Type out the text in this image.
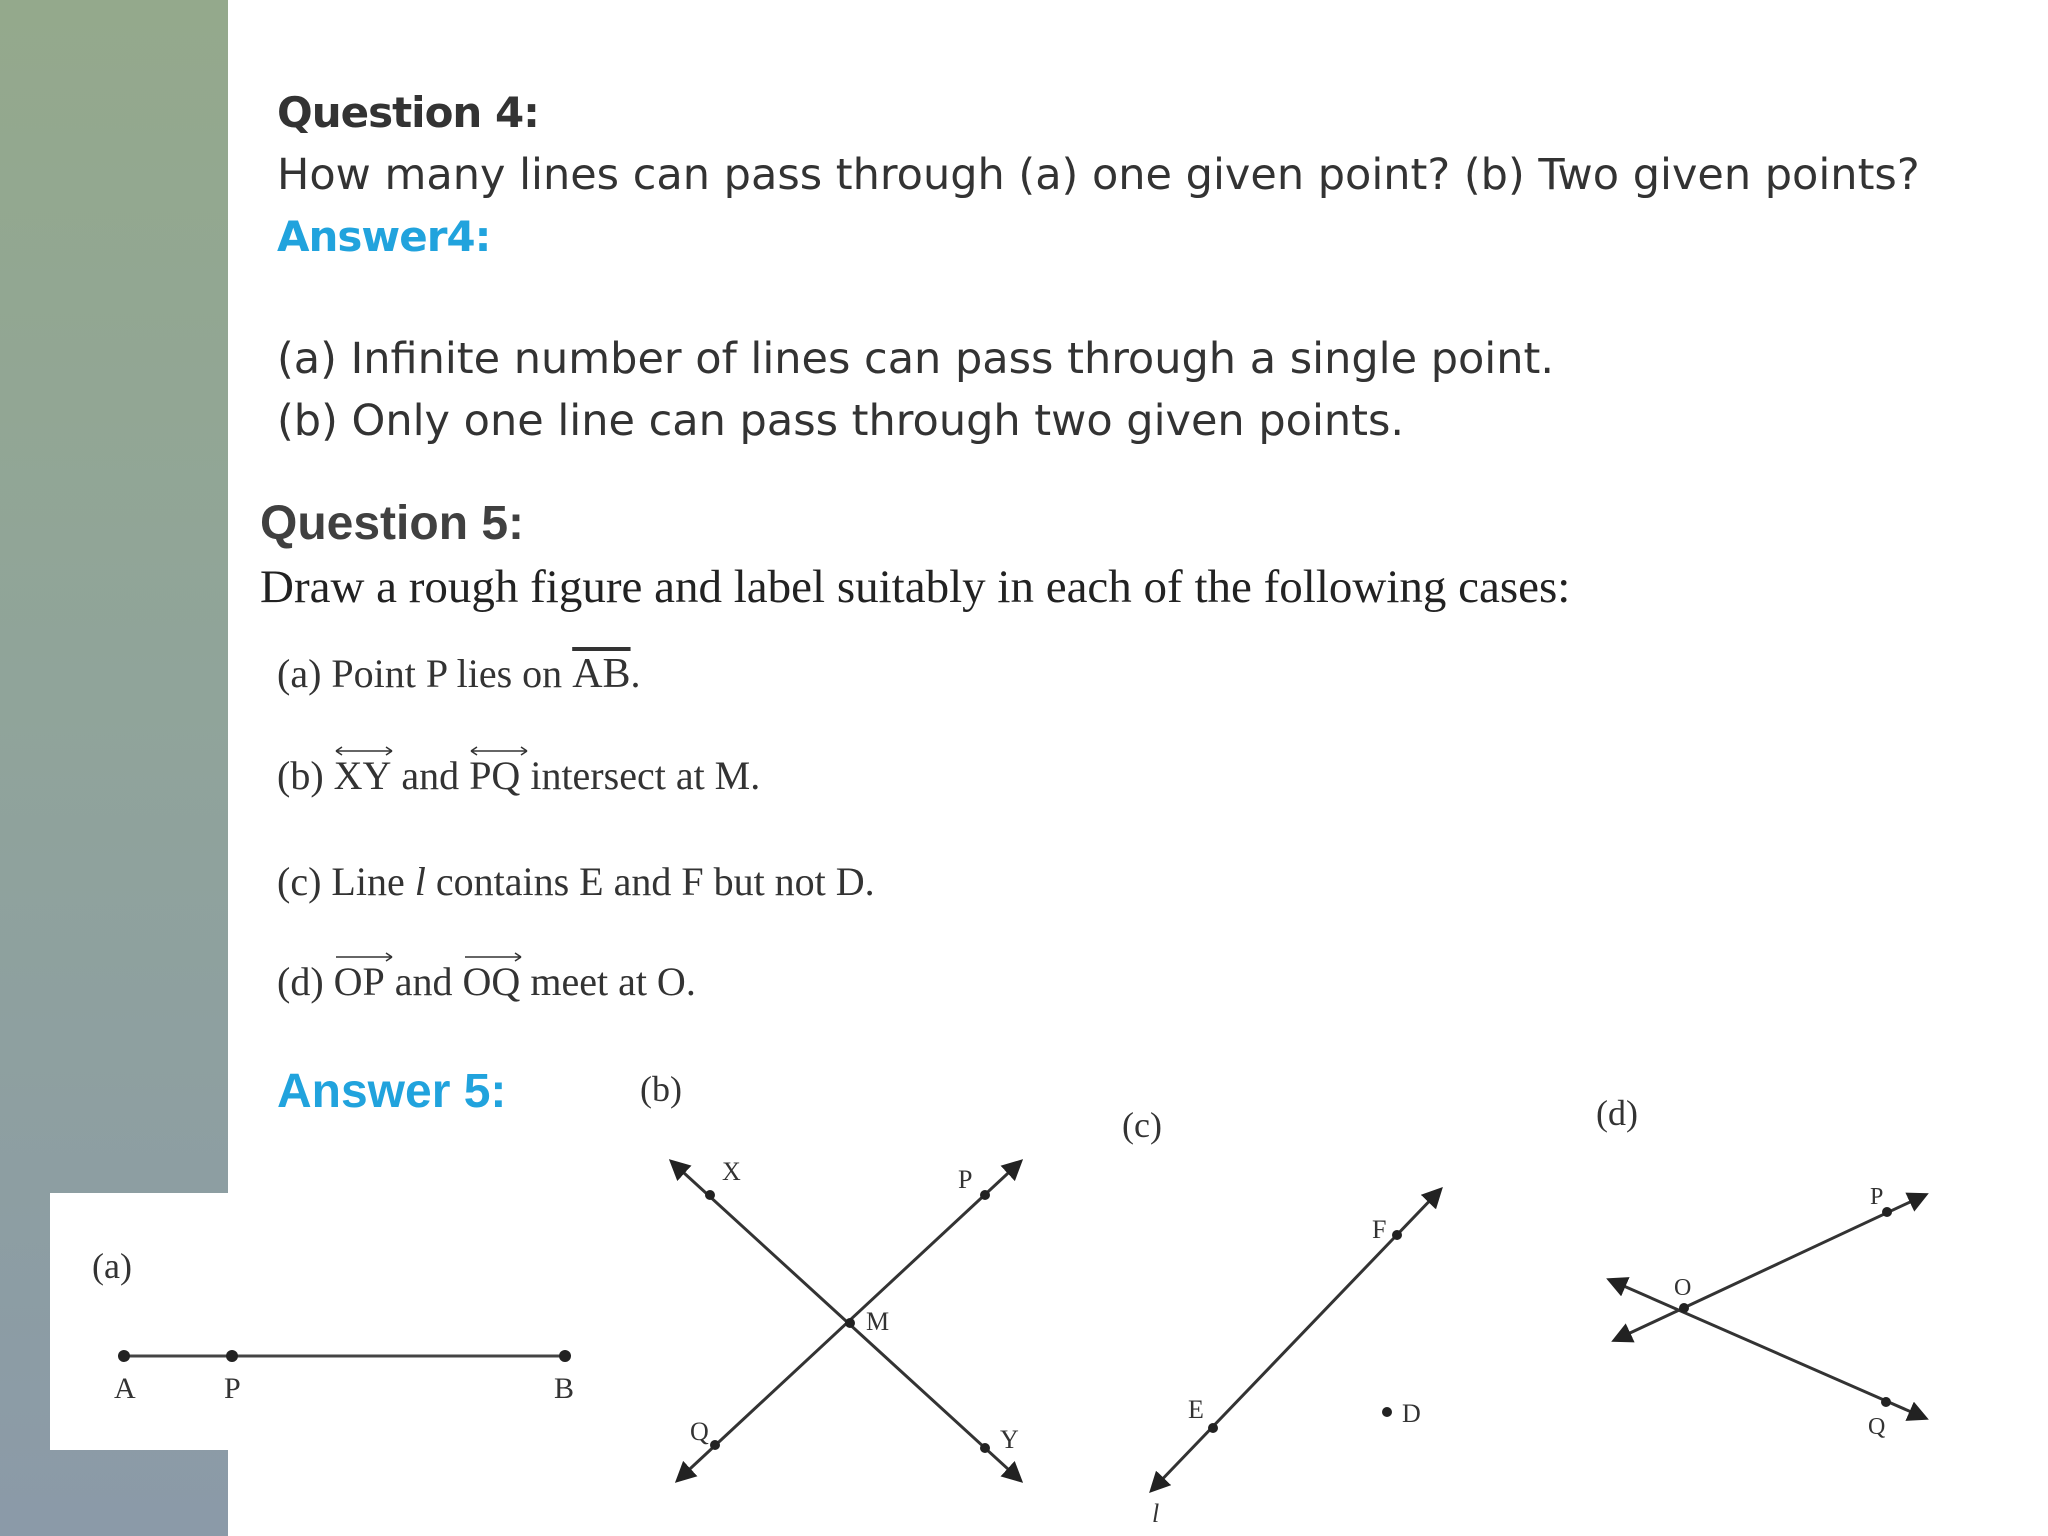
Question 4:
How many lines can pass through (a) one given point? (b) Two given points?
Answer4:
(a) Infinite number of lines can pass through a single point.
(b) Only one line can pass through two given points.
Question 5:
Draw a rough figure and label suitably in each of the following cases:
(a) Point P lies on $\overline{AB}$.
(b)
XY and
PQ intersect at M.
(c) Line l contains E and F but not D.
(d)
OP and
OQ meet at O.
Answer 5:
(a)
A	P	B
(b)
X	P
M
Q	Y
(c)
F
E	D
l
(d)
P
O
Q
